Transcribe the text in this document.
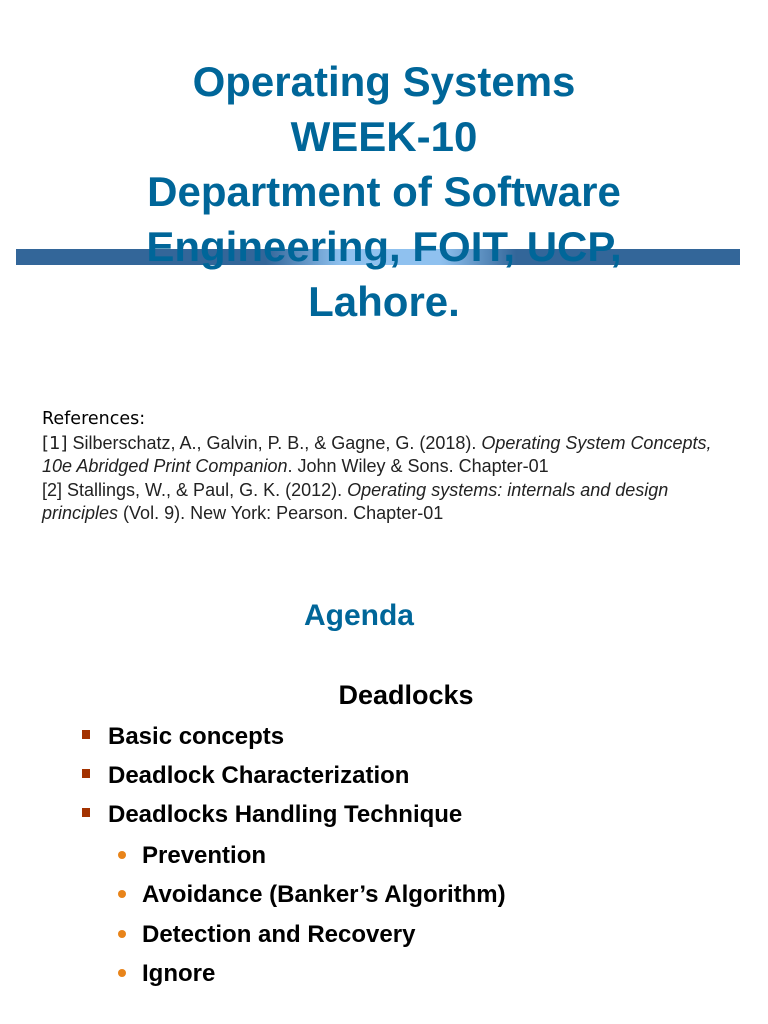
Operating Systems
WEEK-10
Department of Software
Engineering, FOIT, UCP,
Lahore.
References:
[1] Silberschatz, A., Galvin, P. B., & Gagne, G. (2018). Operating System Concepts, 10e Abridged Print Companion. John Wiley & Sons. Chapter-01
[2] Stallings, W., & Paul, G. K. (2012). Operating systems: internals and design principles (Vol. 9). New York: Pearson. Chapter-01
Agenda
Deadlocks
Basic concepts
Deadlock Characterization
Deadlocks Handling Technique
Prevention
Avoidance (Banker’s Algorithm)
Detection and Recovery
Ignore
